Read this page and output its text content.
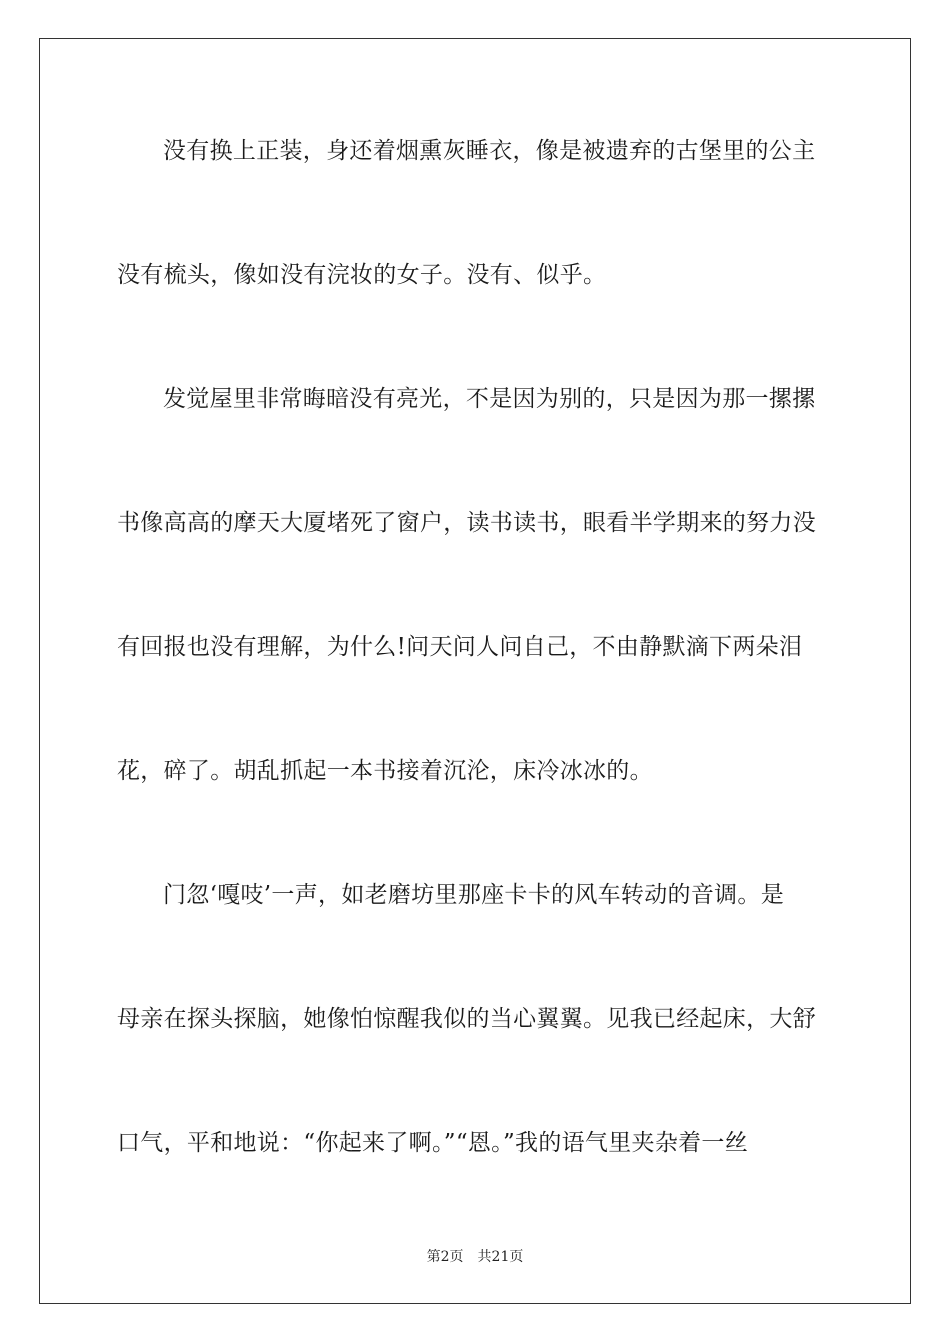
没有换上正装，身还着烟熏灰睡衣，像是被遗弃的古堡里的公主
没有梳头，像如没有浣妆的女子。没有、似乎。
发觉屋里非常晦暗没有亮光，不是因为别的，只是因为那一摞摞
书像高高的摩天大厦堵死了窗户，读书读书，眼看半学期来的努力没
有回报也没有理解，为什么!问天问人问自己，不由静默滴下两朵泪
花，碎了。胡乱抓起一本书接着沉沦，床冷冰冰的。
门忽‘嘎吱’一声，如老磨坊里那座卡卡的风车转动的音调。是
母亲在探头探脑，她像怕惊醒我似的当心翼翼。见我已经起床，大舒
口气，平和地说：“你起来了啊。”“恩。”我的语气里夹杂着一丝
第2页 共21页
